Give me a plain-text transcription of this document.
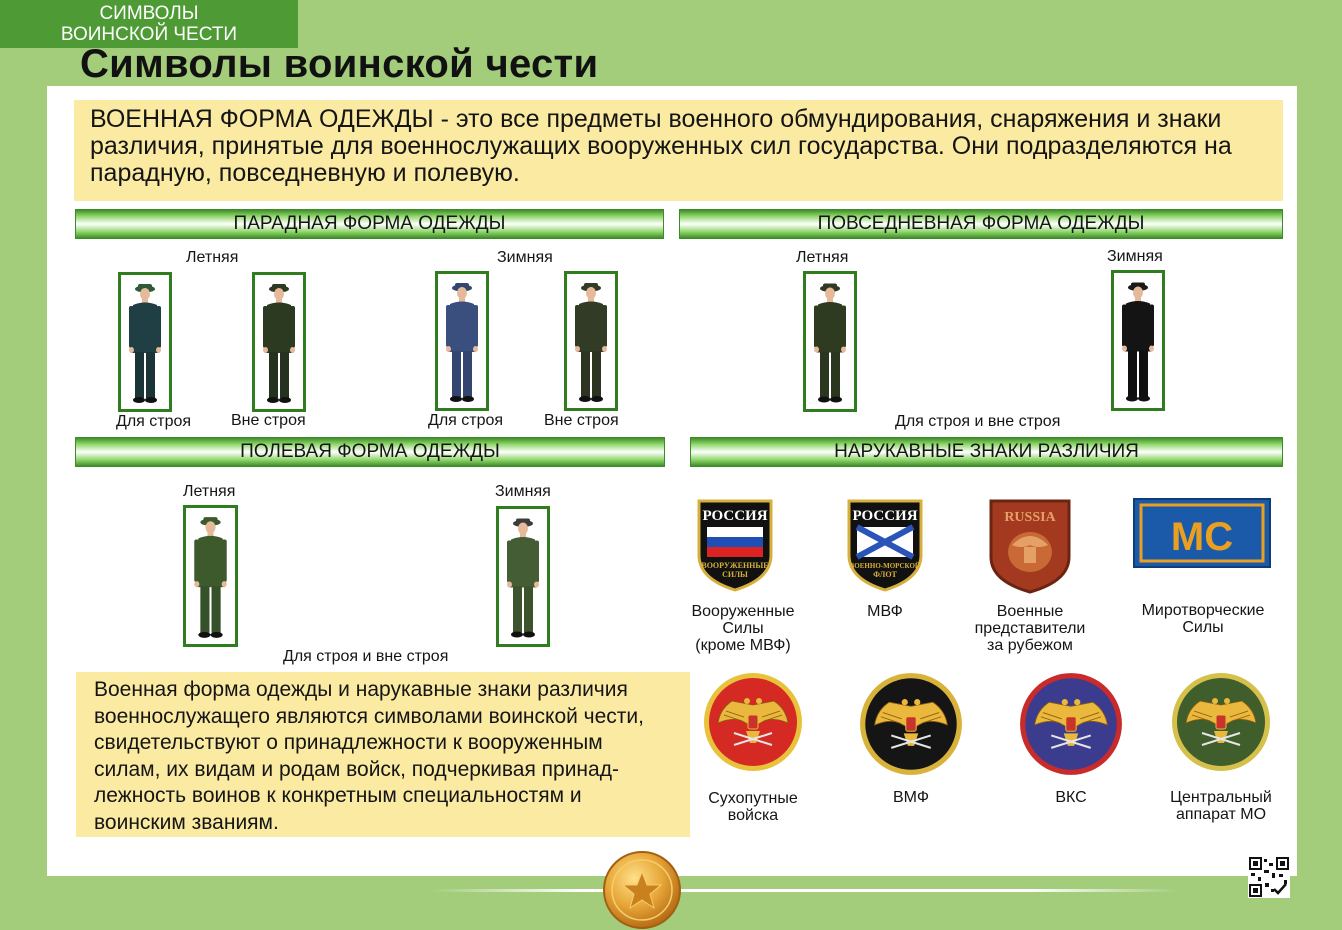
СИМВОЛЫ
ВОИНСКОЙ ЧЕСТИ
Символы воинской чести
ВОЕННАЯ ФОРМА ОДЕЖДЫ - это все предметы военного обмундирования, снаряжения и знаки различия, принятые для военнослужащих вооруженных сил государства. Они подразделяются на парадную, повседневную и полевую.
ПАРАДНАЯ ФОРМА ОДЕЖДЫ	ПОВСЕДНЕВНАЯ ФОРМА ОДЕЖДЫ
ПОЛЕВАЯ ФОРМА ОДЕЖДЫ	НАРУКАВНЫЕ ЗНАКИ РАЗЛИЧИЯ
Летняя	Зимняя
Для строя Вне строя	Для строя	Вне строя
Летняя	Зимняя
Для строя и вне строя
Летняя	Зимняя
Для строя и вне строя
РОССИЯ
ВООРУЖЕННЫЕ
СИЛЫ
РОССИЯ
ВОЕННО-МОРСКОЙ
ФЛОТ
RUSSIA	МС
Вооруженные
Силы
(кроме МВФ)
МВФ	Военные
представители
за рубежом
Миротворческие
Силы
Сухопутные
войска
ВМФ	ВКС	Центральный
аппарат МО
Военная форма одежды и нарукавные знаки различия
военнослужащего являются символами воинской чести,
свидетельствуют о принадлежности к вооруженным
силам, их видам и родам войск, подчеркивая принад-
лежность воинов к конкретным специальностям и
воинским званиям.
